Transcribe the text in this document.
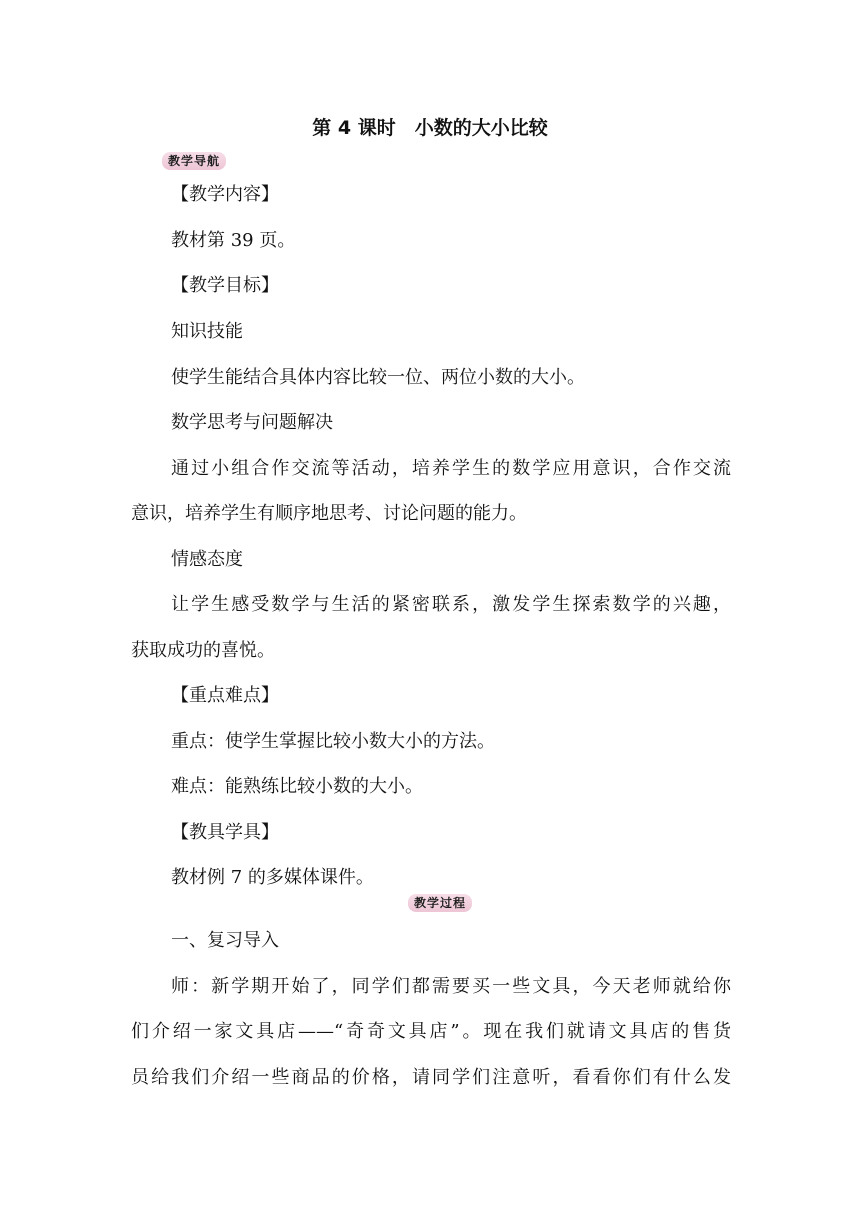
第 4 课时　小数的大小比较
教学导航
【教学内容】
教材第 39 页。
【教学目标】
知识技能
使学生能结合具体内容比较一位、两位小数的大小。
数学思考与问题解决
通过小组合作交流等活动，培养学生的数学应用意识，合作交流
意识，培养学生有顺序地思考、讨论问题的能力。
情感态度
让学生感受数学与生活的紧密联系，激发学生探索数学的兴趣，
获取成功的喜悦。
【重点难点】
重点：使学生掌握比较小数大小的方法。
难点：能熟练比较小数的大小。
【教具学具】
教材例 7 的多媒体课件。
教学过程
一、复习导入
师：新学期开始了，同学们都需要买一些文具，今天老师就给你
们介绍一家文具店——“奇奇文具店”。现在我们就请文具店的售货
员给我们介绍一些商品的价格，请同学们注意听，看看你们有什么发
